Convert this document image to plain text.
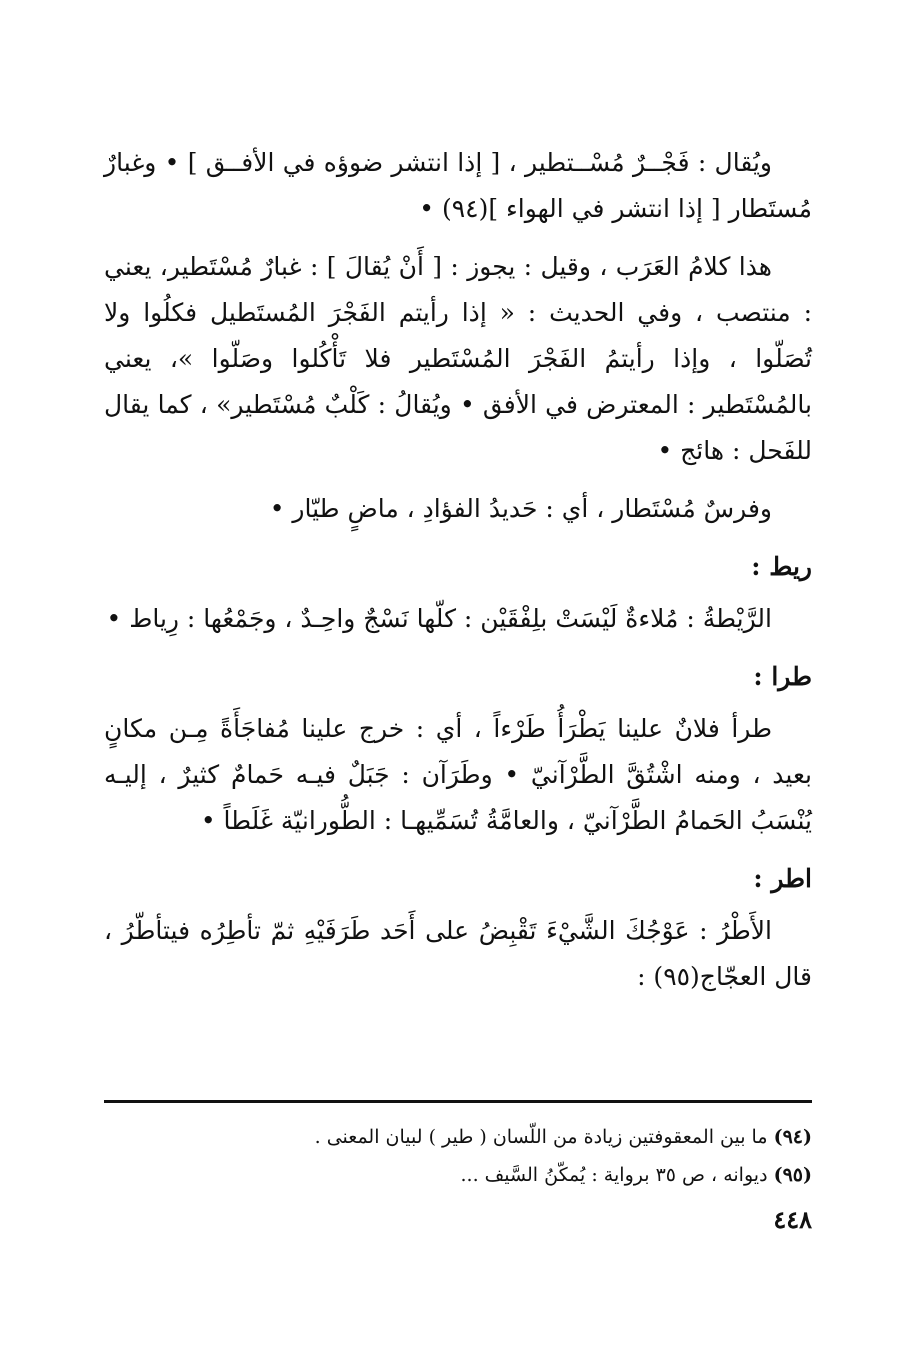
ويُقال : فَجْــرٌ مُسْــتطير ، [ إذا انتشر ضوؤه في الأفــق ] • وغبارٌ مُستَطار [ إذا انتشر في الهواء ](٩٤) •

هذا كلامُ العَرَب ، وقيل : يجوز : [ أَنْ يُقالَ ] : غبارٌ مُسْتَطير، يعني : منتصب ، وفي الحديث : « إذا رأيتم الفَجْرَ المُستَطيل فكلُوا ولا تُصَلّوا ، وإذا رأيتمُ الفَجْرَ المُسْتَطير فلا تَأْكُلوا وصَلّوا »، يعني بالمُسْتَطير : المعترض في الأفق • ويُقالُ : كَلْبٌ مُسْتَطير» ، كما يقال للفَحل : هائج •

وفرسٌ مُسْتَطار ، أي : حَديدُ الفؤادِ ، ماضٍ طيّار •

ريط :

الرَّيْطةُ : مُلاءةٌ لَيْسَتْ بلِفْقَيْن : كلّها نَسْجٌ واحِـدٌ ، وجَمْعُها : رِياط •

طرا :

طرأ فلانٌ علينا يَطْرَأُ طَرْءاً ، أي : خرج علينا مُفاجَأَةً مِـن مكانٍ بعيد ، ومنه اشْتُقَّ الطَّرْآنيّ • وطَرَآن : جَبَلٌ فيـه حَمامٌ كثيرٌ ، إليـه يُنْسَبُ الحَمامُ الطَّرْآنيّ ، والعامَّةُ تُسَمِّيهـا : الطُّورانيّة غَلَطاً •

اطر :

الأَطْرُ : عَوْجُكَ الشَّيْءَ تَقْبِضُ على أَحَد طَرَفَيْهِ ثمّ تأطِرُه فيتأطّرُ ، قال العجّاج(٩٥) :

(٩٤) ما بين المعقوفتين زيادة من اللّسان ( طير ) لبيان المعنى .

(٩٥) ديوانه ، ص ٣٥ برواية : يُمكّنُ السَّيف ...

٤٤٨
